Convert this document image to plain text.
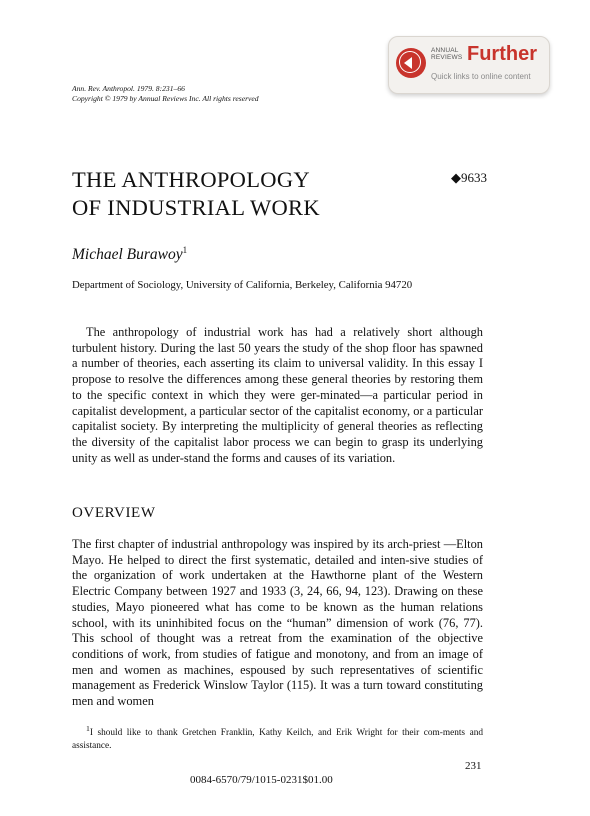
ANNUAL REVIEWS Further
Quick links to online content
Ann. Rev. Anthropol. 1979. 8:231–66
Copyright © 1979 by Annual Reviews Inc. All rights reserved
THE ANTHROPOLOGY
OF INDUSTRIAL WORK
◆9633
Michael Burawoy$^1$
Department of Sociology, University of California, Berkeley, California 94720

The anthropology of industrial work has had a relatively short although turbulent history. During the last 50 years the study of the shop floor has spawned a number of theories, each asserting its claim to universal validity. In this essay I propose to resolve the differences among these general theories by restoring them to the specific context in which they were ger-minated—a particular period in capitalist development, a particular sector of the capitalist economy, or a particular capitalist society. By interpreting the multiplicity of general theories as reflecting the diversity of the capitalist labor process we can begin to grasp its underlying unity as well as under-stand the forms and causes of its variation.

OVERVIEW

The first chapter of industrial anthropology was inspired by its arch-priest —Elton Mayo. He helped to direct the first systematic, detailed and inten-sive studies of the organization of work undertaken at the Hawthorne plant of the Western Electric Company between 1927 and 1933 (3, 24, 66, 94, 123). Drawing on these studies, Mayo pioneered what has come to be known as the human relations school, with its uninhibited focus on the “human” dimension of work (76, 77). This school of thought was a retreat from the examination of the objective conditions of work, from studies of fatigue and monotony, and from an image of men and women as machines, espoused by such representatives of scientific management as Frederick Winslow Taylor (115). It was a turn toward constituting men and women

$^1$I should like to thank Gretchen Franklin, Kathy Keilch, and Erik Wright for their com-ments and assistance.

231
0084-6570/79/1015-0231$01.00
